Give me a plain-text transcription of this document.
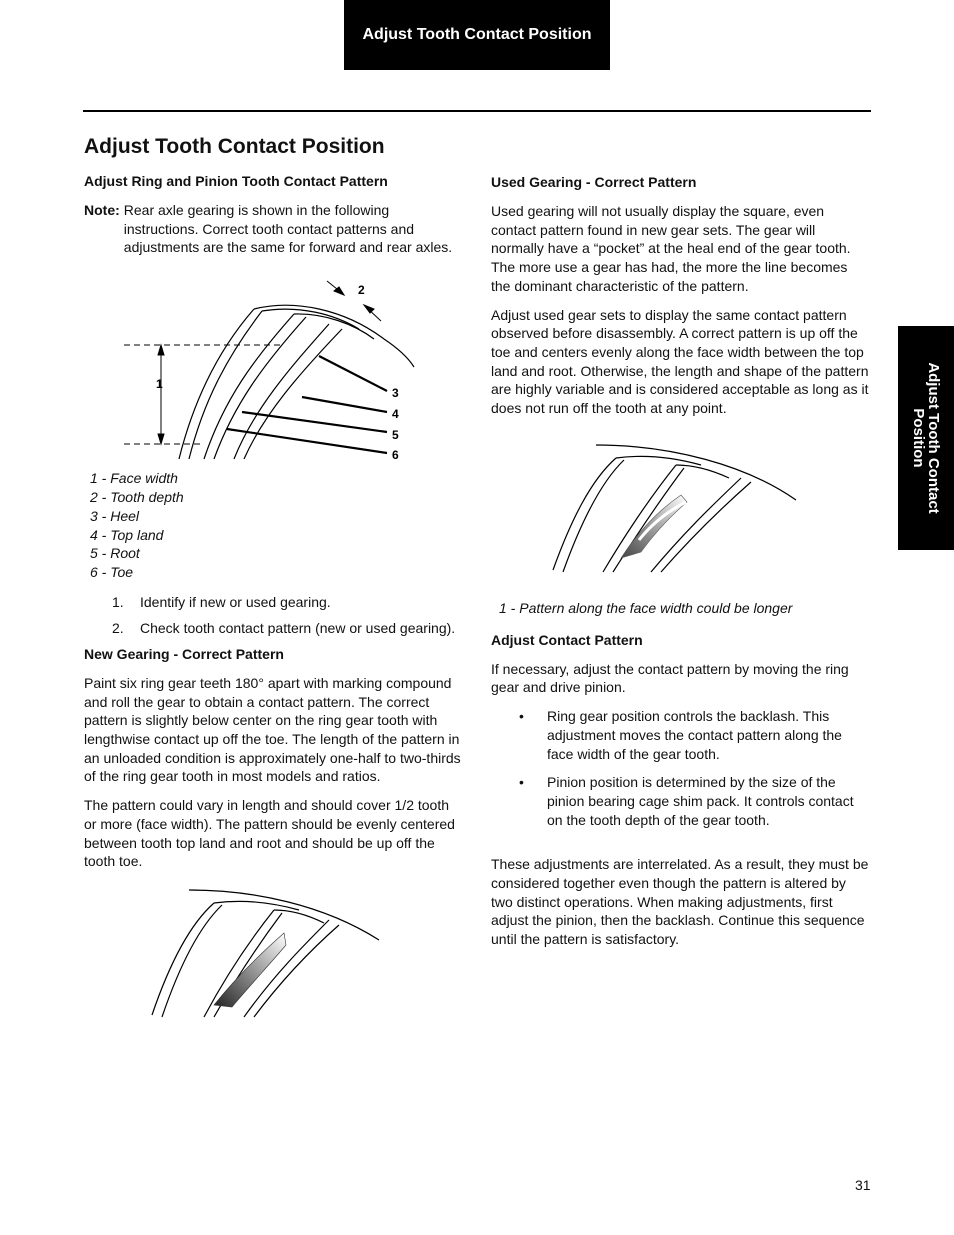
Adjust Tooth Contact Position
Adjust Tooth Contact Position
Adjust Tooth Contact Position
Adjust Ring and Pinion Tooth Contact Pattern
Note: Rear axle gearing is shown in the following instructions. Correct tooth contact patterns and adjustments are the same for forward and rear axles.
1
2
3
4
5
6
1 - Face width
2 - Tooth depth
3 - Heel
4 - Top land
5 - Root
6 - Toe
1.	Identify if new or used gearing.
2.	Check tooth contact pattern (new or used gearing).
New Gearing - Correct Pattern

Paint six ring gear teeth 180° apart with marking compound and roll the gear to obtain a contact pattern. The correct pattern is slightly below center on the ring gear tooth with lengthwise contact up off the toe. The length of the pattern in an unloaded condition is approximately one-half to two-thirds of the ring gear tooth in most models and ratios.

The pattern could vary in length and should cover 1/2 tooth or more (face width). The pattern should be evenly centered between tooth top land and root and should be up off the tooth toe.

Used Gearing - Correct Pattern

Used gearing will not usually display the square, even contact pattern found in new gear sets. The gear will normally have a “pocket” at the heal end of the gear tooth. The more use a gear has had, the more the line becomes the dominant characteristic of the pattern.

Adjust used gear sets to display the same contact pattern observed before disassembly. A correct pattern is up off the toe and centers evenly along the face width between the top land and root. Otherwise, the length and shape of the pattern are highly variable and is considered acceptable as long as it does not run off the tooth at any point.

1 - Pattern along the face width could be longer
Adjust Contact Pattern

If necessary, adjust the contact pattern by moving the ring gear and drive pinion.

•	Ring gear position controls the backlash. This adjustment moves the contact pattern along the face width of the gear tooth.
•	Pinion position is determined by the size of the pinion bearing cage shim pack. It controls contact on the tooth depth of the gear tooth.

These adjustments are interrelated. As a result, they must be considered together even though the pattern is altered by two distinct operations. When making adjustments, first adjust the pinion, then the backlash. Continue this sequence until the pattern is satisfactory.

31
